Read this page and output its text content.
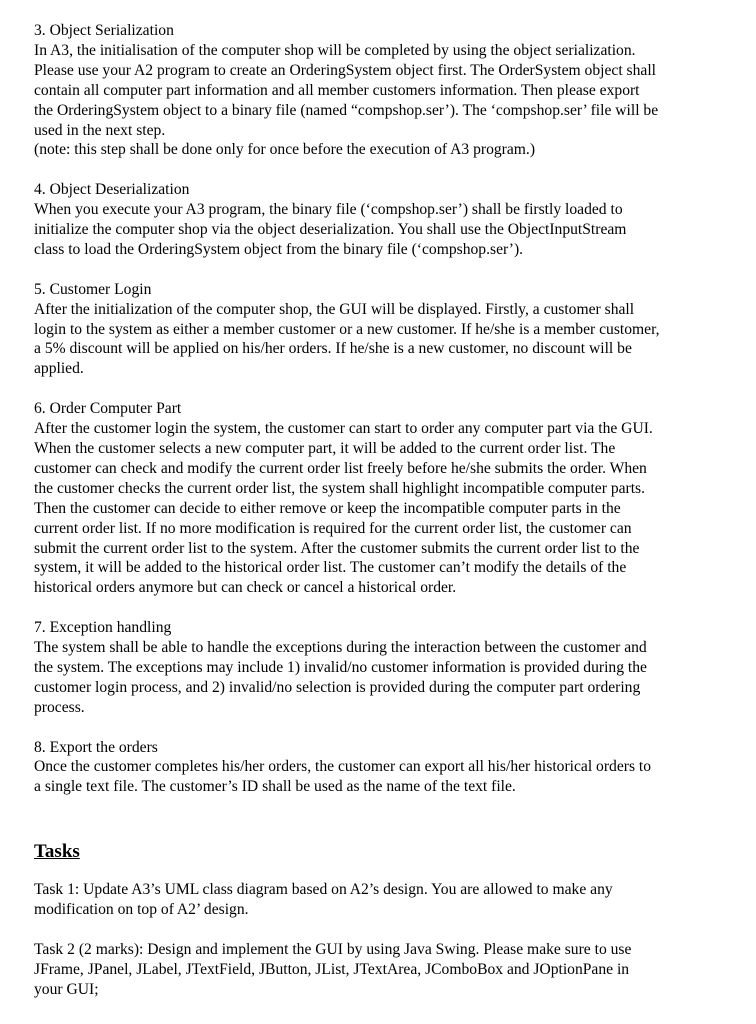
3. Object Serialization

In A3, the initialisation of the computer shop will be completed by using the object serialization.

Please use your A2 program to create an OrderingSystem object first. The OrderSystem object shall

contain all computer part information and all member customers information. Then please export

the OrderingSystem object to a binary file (named “compshop.ser’). The ‘compshop.ser’ file will be

used in the next step.

(note: this step shall be done only for once before the execution of A3 program.)

4. Object Deserialization

When you execute your A3 program, the binary file (‘compshop.ser’) shall be firstly loaded to

initialize the computer shop via the object deserialization. You shall use the ObjectInputStream

class to load the OrderingSystem object from the binary file (‘compshop.ser’).

5. Customer Login

After the initialization of the computer shop, the GUI will be displayed. Firstly, a customer shall

login to the system as either a member customer or a new customer. If he/she is a member customer,

a 5% discount will be applied on his/her orders. If he/she is a new customer, no discount will be

applied.

6. Order Computer Part

After the customer login the system, the customer can start to order any computer part via the GUI.

When the customer selects a new computer part, it will be added to the current order list. The

customer can check and modify the current order list freely before he/she submits the order. When

the customer checks the current order list, the system shall highlight incompatible computer parts.

Then the customer can decide to either remove or keep the incompatible computer parts in the

current order list. If no more modification is required for the current order list, the customer can

submit the current order list to the system. After the customer submits the current order list to the

system, it will be added to the historical order list. The customer can’t modify the details of the

historical orders anymore but can check or cancel a historical order.

7. Exception handling

The system shall be able to handle the exceptions during the interaction between the customer and

the system. The exceptions may include 1) invalid/no customer information is provided during the

customer login process, and 2) invalid/no selection is provided during the computer part ordering

process.

8. Export the orders

Once the customer completes his/her orders, the customer can export all his/her historical orders to

a single text file. The customer’s ID shall be used as the name of the text file.

Tasks

Task 1: Update A3’s UML class diagram based on A2’s design. You are allowed to make any

modification on top of A2’ design.

Task 2 (2 marks): Design and implement the GUI by using Java Swing. Please make sure to use

JFrame, JPanel, JLabel, JTextField, JButton, JList, JTextArea, JComboBox and JOptionPane in

your GUI;
